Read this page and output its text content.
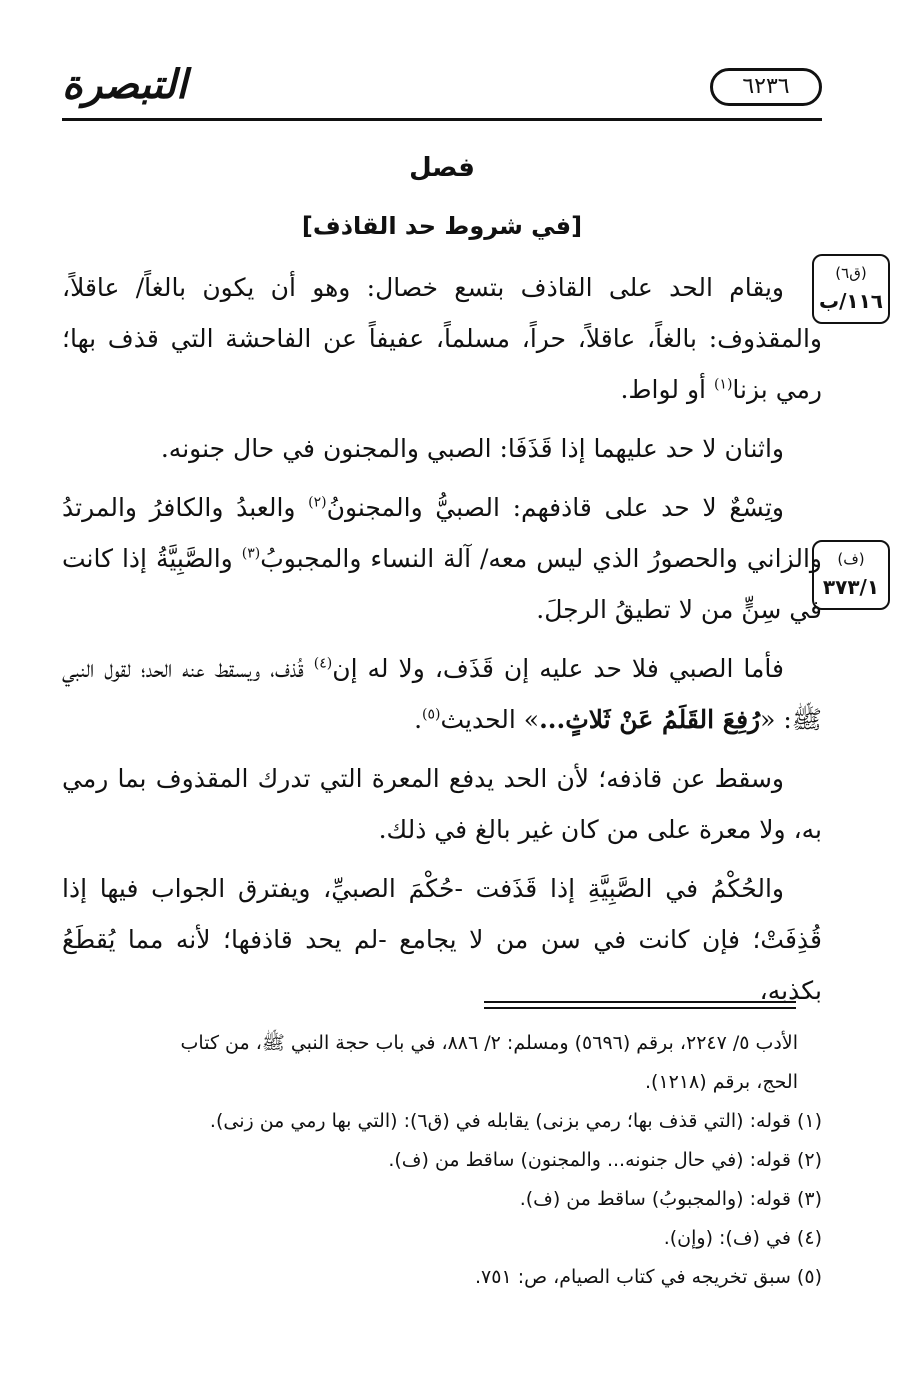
التبصرة	٦٢٣٦
فصل
[في شروط حد القاذف]
(ق٦)
١١٦/ب
(ف)
٣٧٣/١

ويقام الحد على القاذف بتسع خصال: وهو أن يكون بالغاً/ عاقلاً، والمقذوف: بالغاً، عاقلاً، حراً، مسلماً، عفيفاً عن الفاحشة التي قذف بها؛ رمي بزنا$^{(١)}$ أو لواط.

واثنان لا حد عليهما إذا قَذَفَا: الصبي والمجنون في حال جنونه.

وتِسْعٌ لا حد على قاذفهم: الصبيُّ والمجنونُ$^{(٢)}$ والعبدُ والكافرُ والمرتدُ والزاني والحصورُ الذي ليس معه/ آلة النساء والمجبوبُ$^{(٣)}$ والصَّبِيَّةُ إذا كانت في سِنٍّ من لا تطيقُ الرجلَ.

فأما الصبي فلا حد عليه إن قَذَف، ولا له إن$^{(٤)}$ قُذف، ويسقط عنه الحد؛ لقول النبي ﷺ: «رُفِعَ القَلَمُ عَنْ ثَلاثٍ...» الحديث$^{(٥)}$.

وسقط عن قاذفه؛ لأن الحد يدفع المعرة التي تدرك المقذوف بما رمي به، ولا معرة على من كان غير بالغ في ذلك.

والحُكْمُ في الصَّبِيَّةِ إذا قَذَفت -حُكْمَ الصبيِّ، ويفترق الجواب فيها إذا قُذِفَتْ؛ فإن كانت في سن من لا يجامع -لم يحد قاذفها؛ لأنه مما يُقطَعُ بكذبه،

الأدب ٥/ ٢٢٤٧، برقم (٥٦٩٦) ومسلم: ٢/ ٨٨٦، في باب حجة النبي ﷺ، من كتاب

الحج، برقم (١٢١٨).

(١) قوله: (التي قذف بها؛ رمي بزنى) يقابله في (ق٦): (التي بها رمي من زنى).

(٢) قوله: (في حال جنونه... والمجنون) ساقط من (ف).

(٣) قوله: (والمجبوبُ) ساقط من (ف).

(٤) في (ف): (وإن).

(٥) سبق تخريجه في كتاب الصيام، ص: ٧٥١.
